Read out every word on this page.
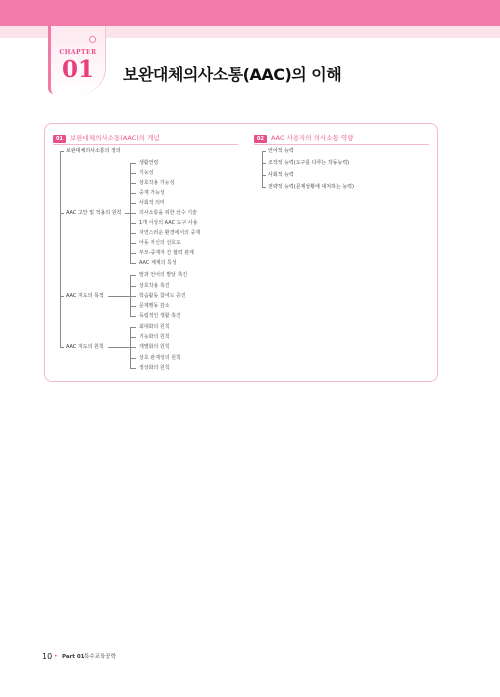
CHAPTER
01	보완대체의사소통(AAC)의 이해
01	보완대체의사소통(AAC)의 개념	02	AAC 사용자의 의사소통 역량
보완대체의사소통의 정의
AAC 고안 및 적용의 원칙
생활연령
기능성
상호작용 가능성
중재 가능성
사회적 의미
의사소통을 위한 선수 기술
1개 이상의 AAC 도구 사용
자연스러운 환경에서의 중재
아동 자신의 선호도
부모-중재자 간 협력 관계
AAC 체계의 특성
AAC 지도의 목적
말과 언어의 발달 촉진
상호작용 촉진
학습활동 참여도 증진
문제행동 감소
독립적인 생활 촉진
AAC 지도의 원칙
최대화의 원칙
기능화의 원칙
개별화의 원칙
상호 관계성의 원칙
정상화의 원칙
언어적 능력
조작적 능력(도구를 다루는 작동능력)
사회적 능력
전략적 능력(문제상황에 대처하는 능력)
10 • Part 01 특수교육공학
